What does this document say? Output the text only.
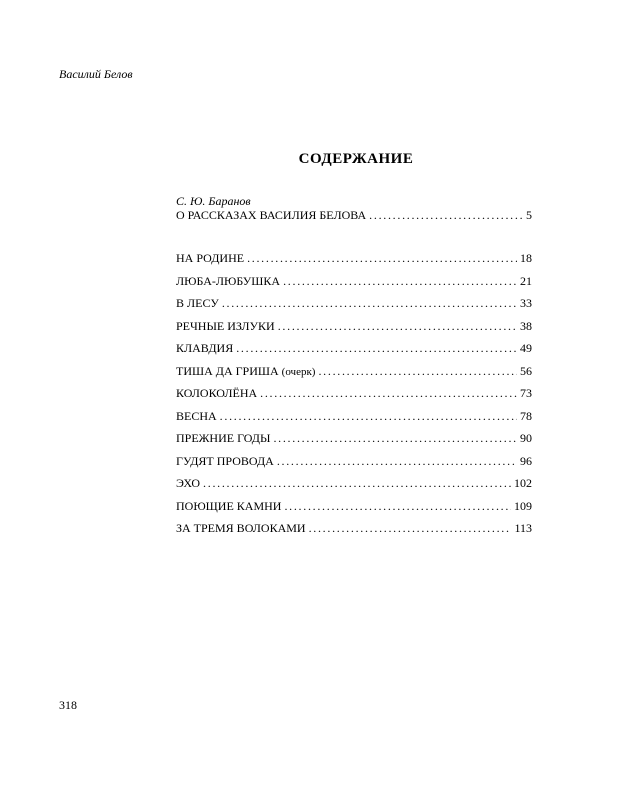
Василий Белов
СОДЕРЖАНИЕ
С. Ю. Баранов
О РАССКАЗАХ ВАСИЛИЯ БЕЛОВА . . .	5
НА РОДИНЕ . . .	18
ЛЮБА-ЛЮБУШКА . . .	21
В ЛЕСУ . . .	33
РЕЧНЫЕ ИЗЛУКИ . . .	38
КЛАВДИЯ . . .	49
ТИША ДА ГРИША (очерк) . . .	56
КОЛОКОЛЁНА . . .	73
ВЕСНА . . .	78
ПРЕЖНИЕ ГОДЫ . . .	90
ГУДЯТ ПРОВОДА . . .	96
ЭХО . . .	102
ПОЮЩИЕ КАМНИ . . .	109
ЗА ТРЕМЯ ВОЛОКАМИ . . .	113
318
